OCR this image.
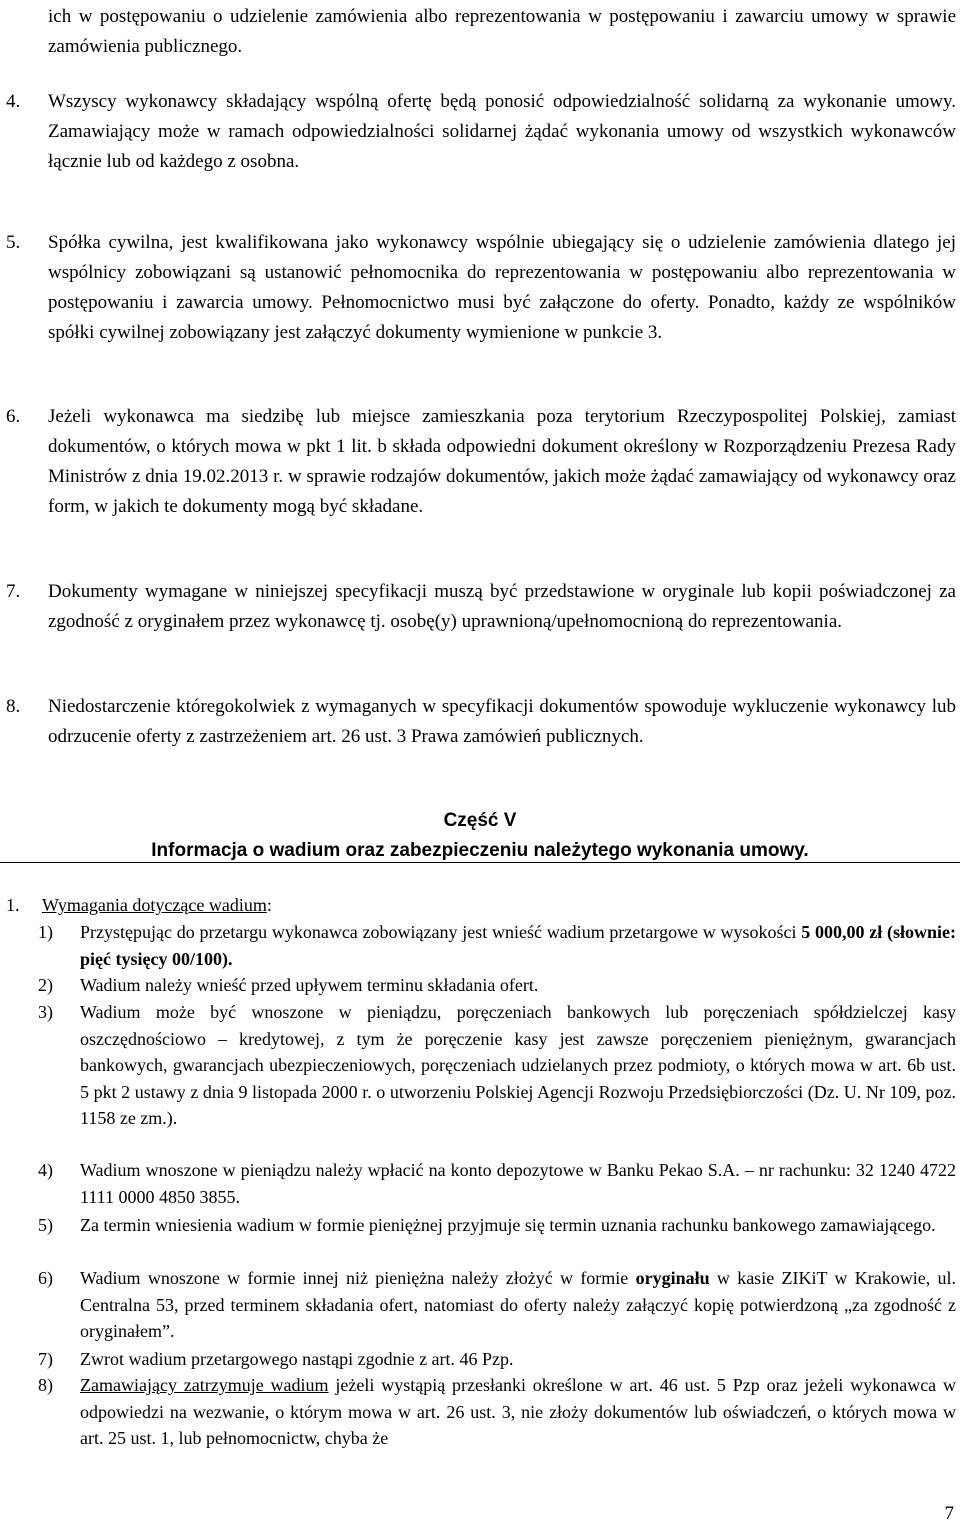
ich w postępowaniu o udzielenie zamówienia albo reprezentowania w postępowaniu i zawarciu umowy w sprawie zamówienia publicznego.
4.	Wszyscy wykonawcy składający wspólną ofertę będą ponosić odpowiedzialność solidarną za wykonanie umowy. Zamawiający może w ramach odpowiedzialności solidarnej żądać wykonania umowy od wszystkich wykonawców łącznie lub od każdego z osobna.
5.	Spółka cywilna, jest kwalifikowana jako wykonawcy wspólnie ubiegający się o udzielenie zamówienia dlatego jej wspólnicy zobowiązani są ustanowić pełnomocnika do reprezentowania w postępowaniu albo reprezentowania w postępowaniu i zawarcia umowy. Pełnomocnictwo musi być załączone do oferty. Ponadto, każdy ze wspólników spółki cywilnej zobowiązany jest załączyć dokumenty wymienione w punkcie 3.
6.	Jeżeli wykonawca ma siedzibę lub miejsce zamieszkania poza terytorium Rzeczypospolitej Polskiej, zamiast dokumentów, o których mowa w pkt 1 lit. b składa odpowiedni dokument określony w Rozporządzeniu Prezesa Rady Ministrów z dnia 19.02.2013 r. w sprawie rodzajów dokumentów, jakich może żądać zamawiający od wykonawcy oraz form, w jakich te dokumenty mogą być składane.
7.	Dokumenty wymagane w niniejszej specyfikacji muszą być przedstawione w oryginale lub kopii poświadczonej za zgodność z oryginałem przez wykonawcę tj. osobę(y) uprawnioną/upełnomocnioną do reprezentowania.
8.	Niedostarczenie któregokolwiek z wymaganych w specyfikacji dokumentów spowoduje wykluczenie wykonawcy lub odrzucenie oferty z zastrzeżeniem art. 26 ust. 3 Prawa zamówień publicznych.
Część V
Informacja o wadium oraz zabezpieczeniu należytego wykonania umowy.
1. Wymagania dotyczące wadium:
1)	Przystępując do przetargu wykonawca zobowiązany jest wnieść wadium przetargowe w wysokości 5 000,00 zł (słownie: pięć tysięcy 00/100).
2)	Wadium należy wnieść przed upływem terminu składania ofert.
3)	Wadium może być wnoszone w pieniądzu, poręczeniach bankowych lub poręczeniach spółdzielczej kasy oszczędnościowo – kredytowej, z tym że poręczenie kasy jest zawsze poręczeniem pieniężnym, gwarancjach bankowych, gwarancjach ubezpieczeniowych, poręczeniach udzielanych przez podmioty, o których mowa w art. 6b ust. 5 pkt 2 ustawy z dnia 9 listopada 2000 r. o utworzeniu Polskiej Agencji Rozwoju Przedsiębiorczości (Dz. U. Nr 109, poz. 1158 ze zm.).
4)	Wadium wnoszone w pieniądzu należy wpłacić na konto depozytowe w Banku Pekao S.A. – nr rachunku: 32 1240 4722 1111 0000 4850 3855.
5)	Za termin wniesienia wadium w formie pieniężnej przyjmuje się termin uznania rachunku bankowego zamawiającego.
6)	Wadium wnoszone w formie innej niż pieniężna należy złożyć w formie oryginału w kasie ZIKiT w Krakowie, ul. Centralna 53, przed terminem składania ofert, natomiast do oferty należy załączyć kopię potwierdzoną „za zgodność z oryginałem”.
7)	Zwrot wadium przetargowego nastąpi zgodnie z art. 46 Pzp.
8)	Zamawiający zatrzymuje wadium jeżeli wystąpią przesłanki określone w art. 46 ust. 5 Pzp oraz jeżeli wykonawca w odpowiedzi na wezwanie, o którym mowa w art. 26 ust. 3, nie złoży dokumentów lub oświadczeń, o których mowa w art. 25 ust. 1, lub pełnomocnictw, chyba że
7
